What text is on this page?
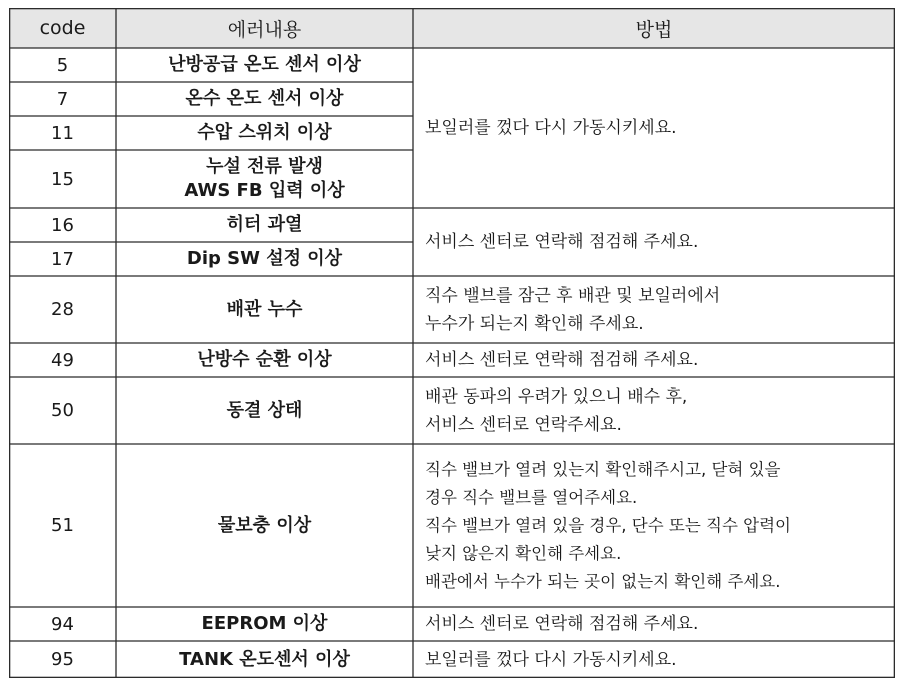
code	에러내용	방법
5
7
11
15
16
17
28
49
50
51
94
95
난방공급 온도 센서 이상
온수 온도 센서 이상
수압 스위치 이상
누설 전류 발생
AWS FB 입력 이상
히터 과열
Dip SW 설정 이상
배관 누수
난방수 순환 이상
동결 상태
물보충 이상
EEPROM 이상
TANK 온도센서 이상
보일러를 껐다 다시 가동시키세요.
서비스 센터로 연락해 점검해 주세요.
직수 밸브를 잠근 후 배관 및 보일러에서
누수가 되는지 확인해 주세요.
서비스 센터로 연락해 점검해 주세요.
배관 동파의 우려가 있으니 배수 후,
서비스 센터로 연락주세요.
직수 밸브가 열려 있는지 확인해주시고, 닫혀 있을
경우 직수 밸브를 열어주세요.
직수 밸브가 열려 있을 경우, 단수 또는 직수 압력이
낮지 않은지 확인해 주세요.
배관에서 누수가 되는 곳이 없는지 확인해 주세요.
서비스 센터로 연락해 점검해 주세요.
보일러를 껐다 다시 가동시키세요.
